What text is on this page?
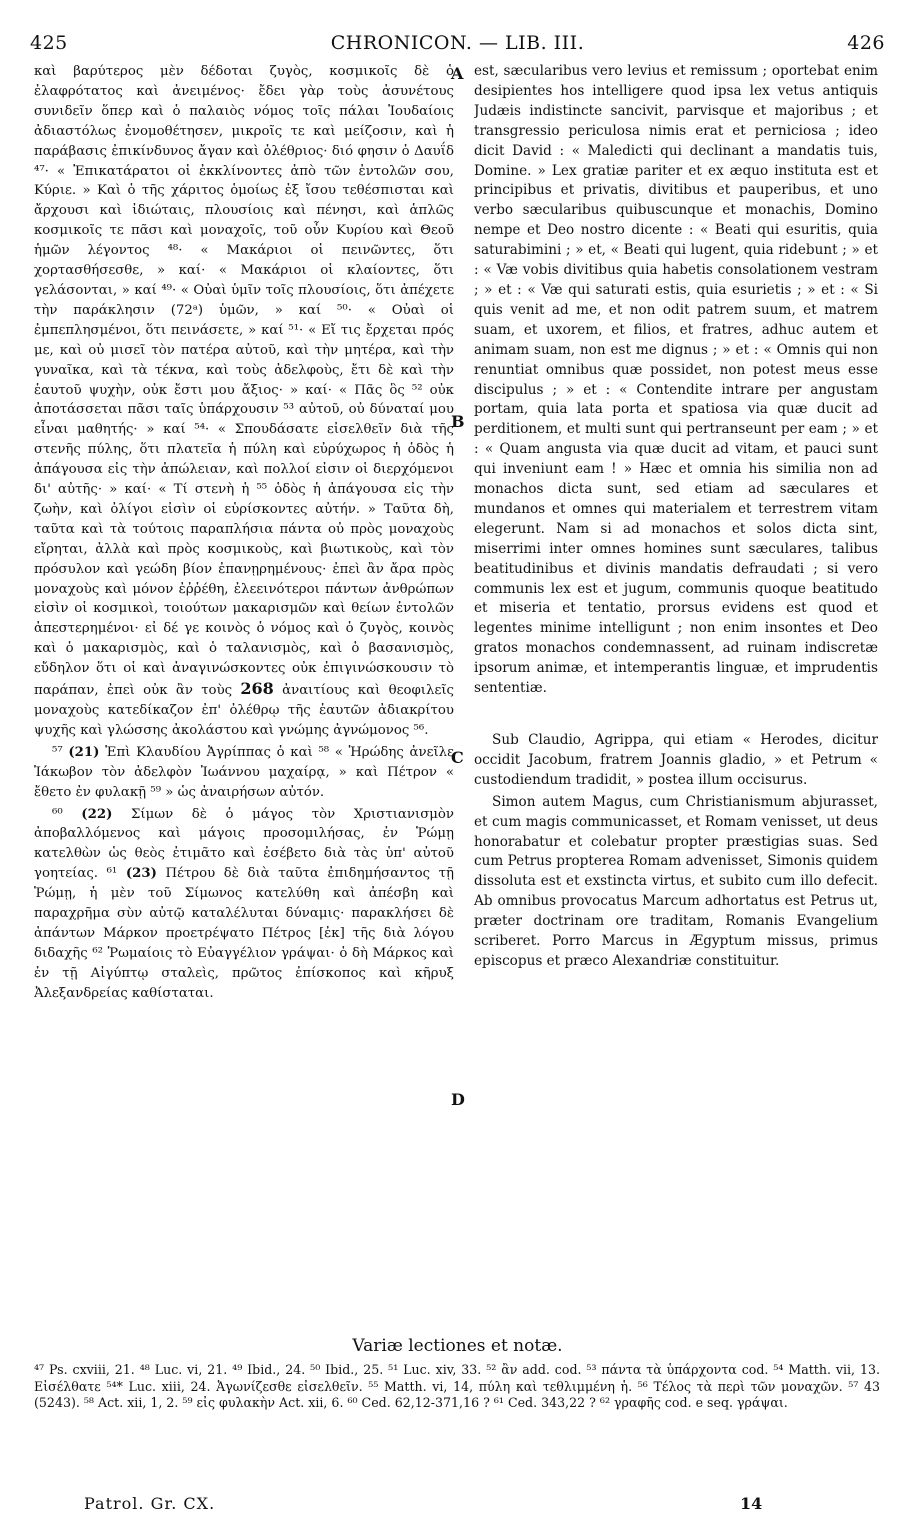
425	CHRONICON. — LIB. III.	426
A
B
C
D

καὶ βαρύτερος μὲν δέδοται ζυγὸς, κοσμικοῖς δὲ ὁ ἐλαφρότατος καὶ ἀνειμένος· ἔδει γὰρ τοὺς ἀσυνέτους συνιδεῖν ὅπερ καὶ ὁ παλαιὸς νόμος τοῖς πάλαι Ἰουδαίοις ἀδιαστόλως ἐνομοθέτησεν, μικροῖς τε καὶ μείζοσιν, καὶ ἡ παράβασις ἐπικίνδυνος ἄγαν καὶ ὀλέθριος· διό φησιν ὁ Δαυΐδ ⁴⁷· « Ἐπικατάρατοι οἱ ἐκκλίνοντες ἀπὸ τῶν ἐντολῶν σου, Κύριε. » Καὶ ὁ τῆς χάριτος ὁμοίως ἐξ ἴσου τεθέσπισται καὶ ἄρχουσι καὶ ἰδιώταις, πλουσίοις καὶ πένησι, καὶ ἁπλῶς κοσμικοῖς τε πᾶσι καὶ μοναχοῖς, τοῦ οὖν Κυρίου καὶ Θεοῦ ἡμῶν λέγοντος ⁴⁸· « Μακάριοι οἱ πεινῶντες, ὅτι χορτασθήσεσθε, » καί· « Μακάριοι οἱ κλαίοντες, ὅτι γελάσονται, » καί ⁴⁹· « Οὐαὶ ὑμῖν τοῖς πλουσίοις, ὅτι ἀπέχετε τὴν παράκλησιν (72ᵃ) ὑμῶν, » καί ⁵⁰· « Οὐαὶ οἱ ἐμπεπλησμένοι, ὅτι πεινάσετε, » καί ⁵¹· « Εἴ τις ἔρχεται πρός με, καὶ οὐ μισεῖ τὸν πατέρα αὐτοῦ, καὶ τὴν μητέρα, καὶ τὴν γυναῖκα, καὶ τὰ τέκνα, καὶ τοὺς ἀδελφοὺς, ἔτι δὲ καὶ τὴν ἑαυτοῦ ψυχὴν, οὐκ ἔστι μου ἄξιος· » καί· « Πᾶς ὃς ⁵² οὐκ ἀποτάσσεται πᾶσι ταῖς ὑπάρχουσιν ⁵³ αὐτοῦ, οὐ δύναταί μου εἶναι μαθητής· » καί ⁵⁴· « Σπουδάσατε εἰσελθεῖν διὰ τῆς στενῆς πύλης, ὅτι πλατεῖα ἡ πύλη καὶ εὐρύχωρος ἡ ὁδὸς ἡ ἀπάγουσα εἰς τὴν ἀπώλειαν, καὶ πολλοί εἰσιν οἱ διερχόμενοι δι' αὐτῆς· » καί· « Τί στενὴ ἡ ⁵⁵ ὁδὸς ἡ ἀπάγουσα εἰς τὴν ζωὴν, καὶ ὀλίγοι εἰσὶν οἱ εὑρίσκοντες αὐτήν. » Ταῦτα δὴ, ταῦτα καὶ τὰ τούτοις παραπλήσια πάντα οὐ πρὸς μοναχοὺς εἴρηται, ἀλλὰ καὶ πρὸς κοσμικοὺς, καὶ βιωτικοὺς, καὶ τὸν πρόσυλον καὶ γεώδη βίον ἐπανῃρημένους· ἐπεὶ ἂν ἄρα πρὸς μοναχοὺς καὶ μόνον ἐῤῥέθη, ἐλεεινότεροι πάντων ἀνθρώπων εἰσὶν οἱ κοσμικοὶ, τοιούτων μακαρισμῶν καὶ θείων ἐντολῶν ἀπεστερημένοι· εἰ δέ γε κοινὸς ὁ νόμος καὶ ὁ ζυγὸς, κοινὸς καὶ ὁ μακαρισμὸς, καὶ ὁ ταλανισμὸς, καὶ ὁ βασανισμὸς, εὔδηλον ὅτι οἱ καὶ ἀναγινώσκοντες οὐκ ἐπιγινώσκουσιν τὸ παράπαν, ἐπεὶ οὐκ ἂν τοὺς 268 ἀναιτίους καὶ θεοφιλεῖς μοναχοὺς κατεδίκαζον ἐπ' ὀλέθρῳ τῆς ἑαυτῶν ἀδιακρίτου ψυχῆς καὶ γλώσσης ἀκολάστου καὶ γνώμης ἀγνώμονος ⁵⁶.

⁵⁷ (21) Ἐπὶ Κλαυδίου Ἀγρίππας ὁ καὶ ⁵⁸ « Ἡρώδης ἀνεῖλε Ἰάκωβον τὸν ἀδελφὸν Ἰωάννου μαχαίρᾳ, » καὶ Πέτρον « ἔθετο ἐν φυλακῇ ⁵⁹ » ὡς ἀναιρήσων αὐτόν.

⁶⁰ (22) Σίμων δὲ ὁ μάγος τὸν Χριστιανισμὸν ἀποβαλλόμενος καὶ μάγοις προσομιλήσας, ἐν Ῥώμῃ κατελθὼν ὡς θεὸς ἐτιμᾶτο καὶ ἐσέβετο διὰ τὰς ὑπ' αὐτοῦ γοητείας. ⁶¹ (23) Πέτρου δὲ διὰ ταῦτα ἐπιδημήσαντος τῇ Ῥώμῃ, ἡ μὲν τοῦ Σίμωνος κατελύθη καὶ ἀπέσβη καὶ παραχρῆμα σὺν αὐτῷ καταλέλυται δύναμις· παρακλήσει δὲ ἁπάντων Μάρκον προετρέψατο Πέτρος [ἐκ] τῆς διὰ λόγου διδαχῆς ⁶² Ῥωμαίοις τὸ Εὐαγγέλιον γράψαι· ὁ δὴ Μάρκος καὶ ἐν τῇ Αἰγύπτῳ σταλεὶς, πρῶτος ἐπίσκοπος καὶ κῆρυξ Ἀλεξανδρείας καθίσταται.

est, sæcularibus vero levius et remissum ; oportebat enim desipientes hos intelligere quod ipsa lex vetus antiquis Judæis indistincte sancivit, parvisque et majoribus ; et transgressio periculosa nimis erat et perniciosa ; ideo dicit David : « Maledicti qui declinant a mandatis tuis, Domine. » Lex gratiæ pariter et ex æquo instituta est et principibus et privatis, divitibus et pauperibus, et uno verbo sæcularibus quibuscunque et monachis, Domino nempe et Deo nostro dicente : « Beati qui esuritis, quia saturabimini ; » et, « Beati qui lugent, quia ridebunt ; » et : « Væ vobis divitibus quia habetis consolationem vestram ; » et : « Væ qui saturati estis, quia esurietis ; » et : « Si quis venit ad me, et non odit patrem suum, et matrem suam, et uxorem, et filios, et fratres, adhuc autem et animam suam, non est me dignus ; » et : « Omnis qui non renuntiat omnibus quæ possidet, non potest meus esse discipulus ; » et : « Contendite intrare per angustam portam, quia lata porta et spatiosa via quæ ducit ad perditionem, et multi sunt qui pertranseunt per eam ; » et : « Quam angusta via quæ ducit ad vitam, et pauci sunt qui inveniunt eam ! » Hæc et omnia his similia non ad monachos dicta sunt, sed etiam ad sæculares et mundanos et omnes qui materialem et terrestrem vitam elegerunt. Nam si ad monachos et solos dicta sint, miserrimi inter omnes homines sunt sæculares, talibus beatitudinibus et divinis mandatis defraudati ; si vero communis lex est et jugum, communis quoque beatitudo et miseria et tentatio, prorsus evidens est quod et legentes minime intelligunt ; non enim insontes et Deo gratos monachos condemnassent, ad ruinam indiscretæ ipsorum animæ, et intemperantis linguæ, et imprudentis sententiæ.

Sub Claudio, Agrippa, qui etiam « Herodes, dicitur occidit Jacobum, fratrem Joannis gladio, » et Petrum « custodiendum tradidit, » postea illum occisurus.

Simon autem Magus, cum Christianismum abjurasset, et cum magis communicasset, et Romam venisset, ut deus honorabatur et colebatur propter præstigias suas. Sed cum Petrus propterea Romam advenisset, Simonis quidem dissoluta est et exstincta virtus, et subito cum illo defecit. Ab omnibus provocatus Marcum adhortatus est Petrus ut, præter doctrinam ore traditam, Romanis Evangelium scriberet. Porro Marcus in Ægyptum missus, primus episcopus et præco Alexandriæ constituitur.

Variæ lectiones et notæ.
⁴⁷ Ps. cxviii, 21. ⁴⁸ Luc. vi, 21. ⁴⁹ Ibid., 24. ⁵⁰ Ibid., 25. ⁵¹ Luc. xiv, 33. ⁵² ἂν add. cod. ⁵³ πάντα τὰ ὑπάρχοντα cod. ⁵⁴ Matth. vii, 13. Εἰσέλθατε ⁵⁴* Luc. xiii, 24. Ἀγωνίζεσθε εἰσελθεῖν. ⁵⁵ Matth. vi, 14, πύλη καὶ τεθλιμμένη ἡ. ⁵⁶ Τέλος τὰ περὶ τῶν μοναχῶν. ⁵⁷ 43 (5243). ⁵⁸ Act. xii, 1, 2. ⁵⁹ εἰς φυλακὴν Act. xii, 6. ⁶⁰ Ced. 62,12-371,16 ? ⁶¹ Ced. 343,22 ? ⁶² γραφῆς cod. e seq. γράψαι.
Patrol. Gr. CX.	14
